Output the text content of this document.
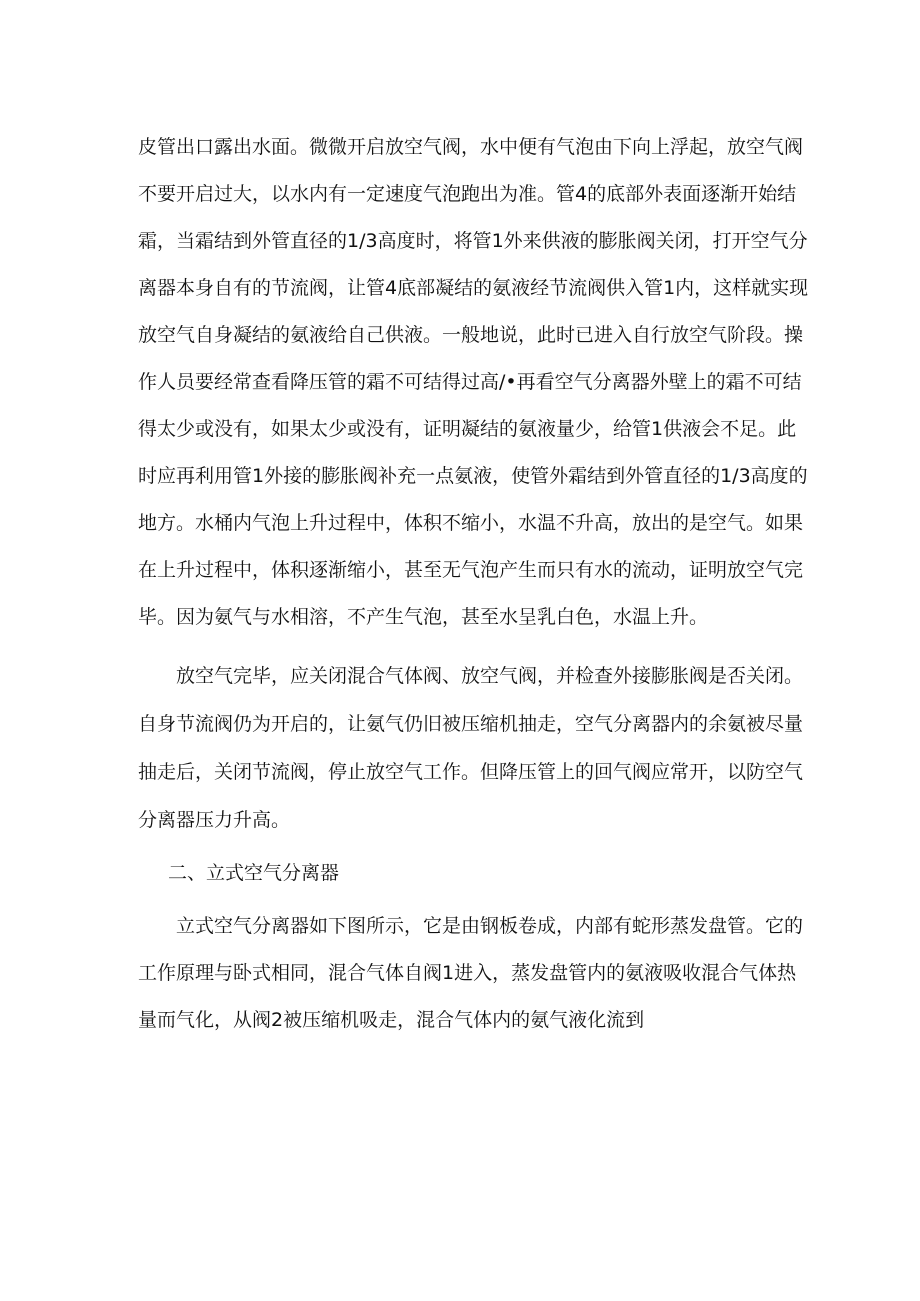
皮管出口露出水面。微微开启放空气阀，水中便有气泡由下向上浮起，放空气阀
不要开启过大，以水内有一定速度气泡跑出为准。管4的底部外表面逐渐开始结
霜，当霜结到外管直径的1/3高度时，将管1外来供液的膨胀阀关闭，打开空气分
离器本身自有的节流阀，让管4底部凝结的氨液经节流阀供入管1内，这样就实现
放空气自身凝结的氨液给自己供液。一般地说，此时已进入自行放空气阶段。操
作人员要经常查看降压管的霜不可结得过高/•再看空气分离器外壁上的霜不可结
得太少或没有，如果太少或没有，证明凝结的氨液量少，给管1供液会不足。此
时应再利用管1外接的膨胀阀补充一点氨液，使管外霜结到外管直径的1/3高度的
地方。水桶内气泡上升过程中，体积不缩小，水温不升高，放出的是空气。如果
在上升过程中，体积逐渐缩小，甚至无气泡产生而只有水的流动，证明放空气完
毕。因为氨气与水相溶，不产生气泡，甚至水呈乳白色，水温上升。
放空气完毕，应关闭混合气体阀、放空气阀，并检查外接膨胀阀是否关闭。
自身节流阀仍为开启的，让氨气仍旧被压缩机抽走，空气分离器内的余氨被尽量
抽走后，关闭节流阀，停止放空气工作。但降压管上的回气阀应常开，以防空气
分离器压力升高。
二、立式空气分离器
立式空气分离器如下图所示，它是由钢板卷成，内部有蛇形蒸发盘管。它的
工作原理与卧式相同，混合气体自阀1进入，蒸发盘管内的氨液吸收混合气体热
量而气化，从阀2被压缩机吸走，混合气体内的氨气液化流到
